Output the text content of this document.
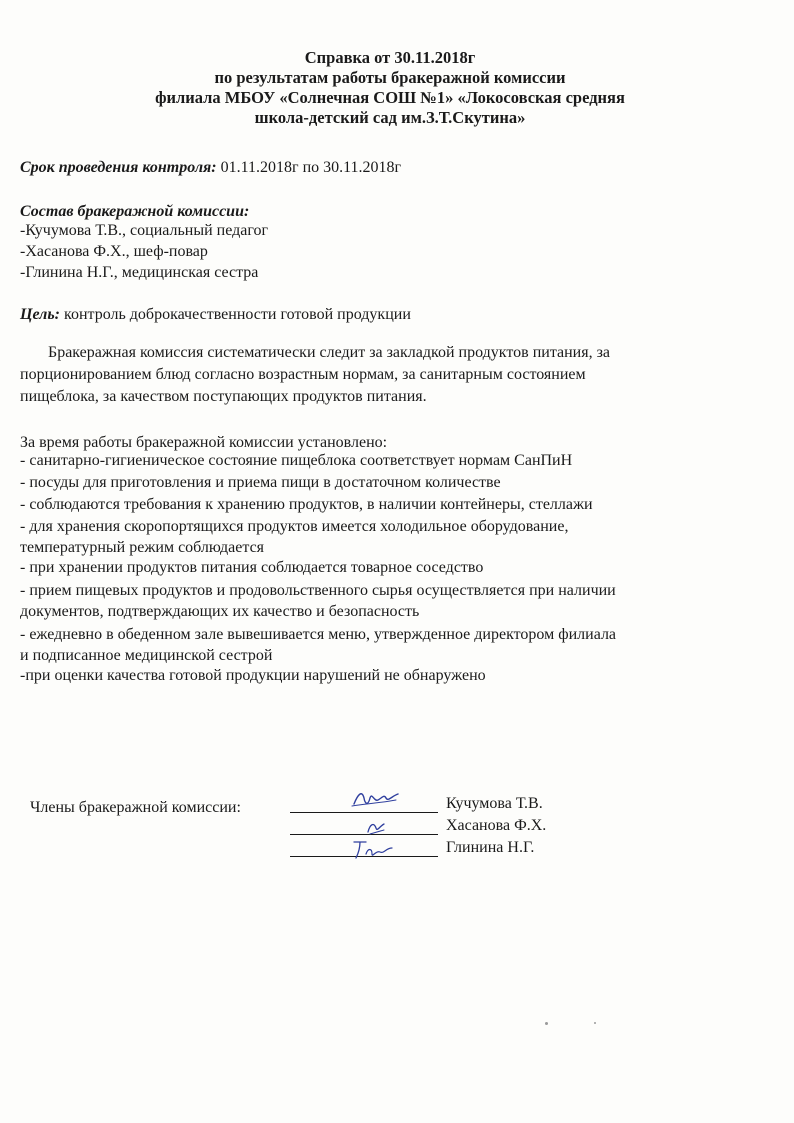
Справка от 30.11.2018г
по результатам работы бракеражной комиссии
филиала МБОУ «Солнечная СОШ №1» «Локосовская средняя
школа-детский сад им.З.Т.Скутина»
Срок проведения контроля: 01.11.2018г по 30.11.2018г
Состав бракеражной комиссии:
-Кучумова Т.В., социальный педагог
-Хасанова Ф.Х., шеф-повар
-Глинина Н.Г., медицинская сестра
Цель: контроль доброкачественности готовой продукции
Бракеражная комиссия систематически следит за закладкой продуктов питания, за
порционированием блюд согласно возрастным нормам, за санитарным состоянием
пищеблока, за качеством поступающих продуктов питания.
За время работы бракеражной комиссии установлено:
- санитарно-гигиеническое состояние пищеблока соответствует нормам СанПиН
- посуды для приготовления и приема пищи в достаточном количестве
- соблюдаются требования к хранению продуктов, в наличии контейнеры, стеллажи
- для хранения скоропортящихся продуктов имеется холодильное оборудование,
температурный режим соблюдается
- при хранении продуктов питания соблюдается товарное соседство
- прием пищевых продуктов и продовольственного сырья осуществляется при наличии
документов, подтверждающих их качество и безопасность
- ежедневно в обеденном зале вывешивается меню, утвержденное директором филиала
и подписанное медицинской сестрой
-при оценки качества готовой продукции нарушений не обнаружено
Члены бракеражной комиссии:	Кучумова Т.В.
Хасанова Ф.Х.
Глинина Н.Г.
